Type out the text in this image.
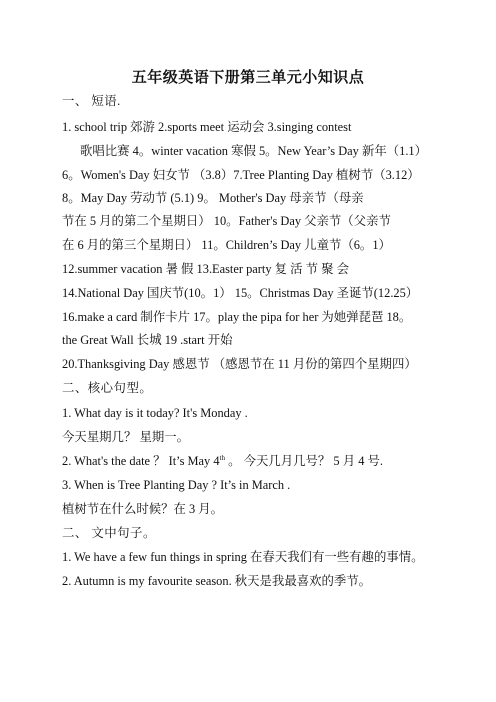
五年级英语下册第三单元小知识点
一、 短语.
1. school trip 郊游 2.sports meet 运动会 3.singing contest
歌唱比赛 4。winter vacation 寒假 5。New Year’s Day 新年（1.1）
6。Women's Day 妇女节 （3.8）7.Tree Planting Day 植树节（3.12）
8。May Day 劳动节 (5.1) 9。 Mother's Day 母亲节（母亲
节在 5 月的第二个星期日） 10。Father's Day 父亲节（父亲节
在 6 月的第三个星期日） 11。Children’s Day 儿童节（6。1）
12.summer vacation 暑 假 13.Easter party 复 活 节 聚 会
14.National Day 国庆节(10。1） 15。Christmas Day 圣诞节(12.25）
16.make a card 制作卡片 17。play the pipa for her 为她弹琵琶 18。
the Great Wall 长城 19 .start 开始
20.Thanksgiving Day 感恩节 （感恩节在 11 月份的第四个星期四）
二、核心句型。
1. What day is it today? It's Monday .
今天星期几？ 星期一。
2. What's the date ？ It’s May 4th 。 今天几月几号？ 5 月 4 号.
3. When is Tree Planting Day ? It’s in March .
植树节在什么时候？在 3 月。
二、 文中句子。
1. We have a few fun things in spring 在春天我们有一些有趣的事情。
2. Autumn is my favourite season. 秋天是我最喜欢的季节。
